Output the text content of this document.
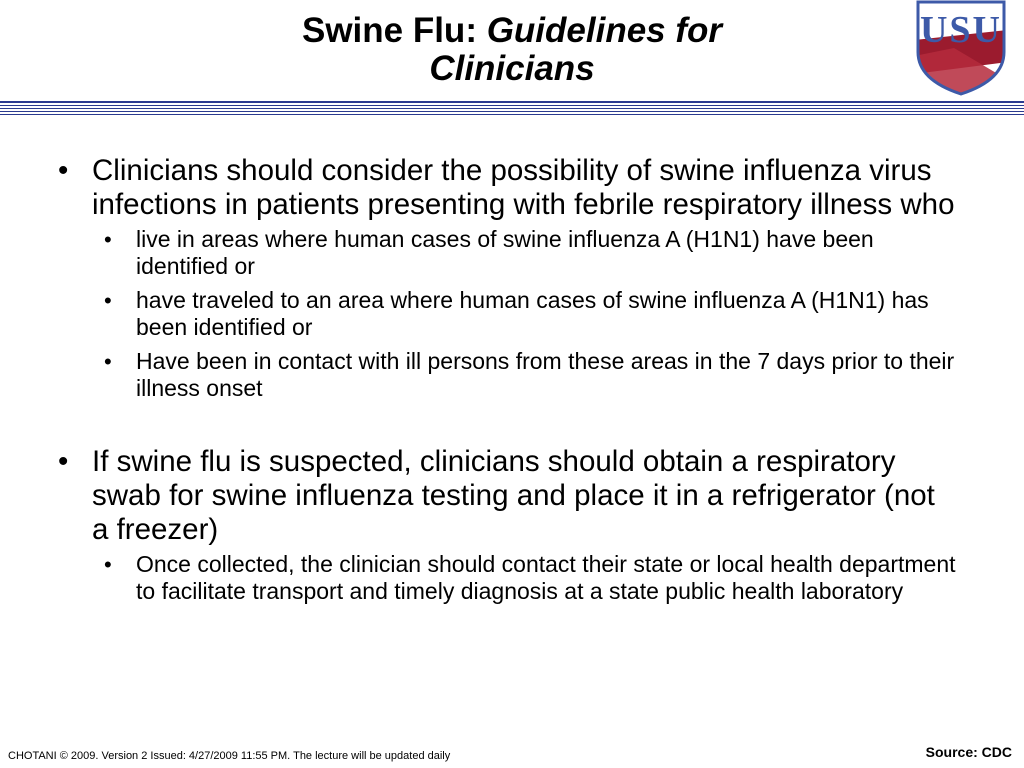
Swine Flu: Guidelines for
Clinicians
USU
• Clinicians should consider the possibility of swine influenza virus infections in patients presenting with febrile respiratory illness who
• live in areas where human cases of swine influenza A (H1N1) have been identified or
• have traveled to an area where human cases of swine influenza A (H1N1) has been identified or
• Have been in contact with ill persons from these areas in the 7 days prior to their illness onset
• If swine flu is suspected, clinicians should obtain a respiratory swab for swine influenza testing and place it in a refrigerator (not a freezer)
• Once collected, the clinician should contact their state or local health department to facilitate transport and timely diagnosis at a state public health laboratory
CHOTANI © 2009. Version 2 Issued: 4/27/2009 11:55 PM. The lecture will be updated daily	Source: CDC
